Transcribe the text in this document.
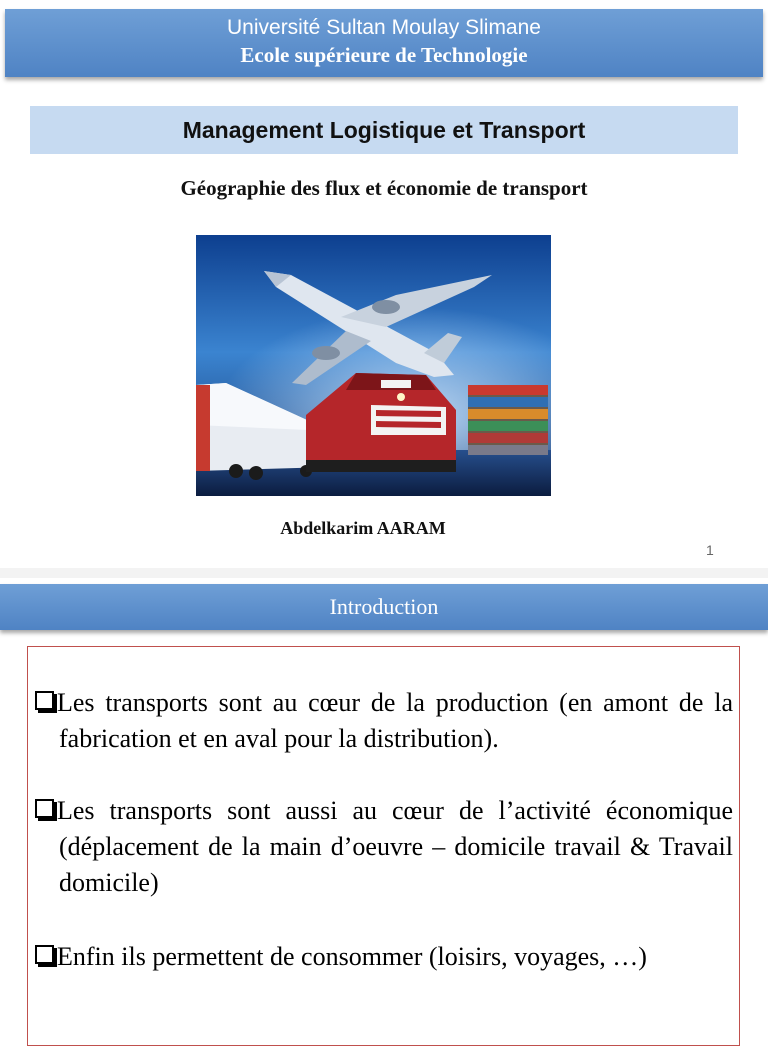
Université Sultan Moulay Slimane
Ecole supérieure de Technologie
Management Logistique et Transport
Géographie des flux et économie de transport
Abdelkarim AARAM
1
Introduction
Les transports sont au cœur de la production (en amont de la fabrication et en aval pour la distribution).
Les transports sont aussi au cœur de l’activité économique (déplacement de la main d’oeuvre – domicile travail & Travail domicile)
Enfin ils permettent de consommer (loisirs, voyages, …)
